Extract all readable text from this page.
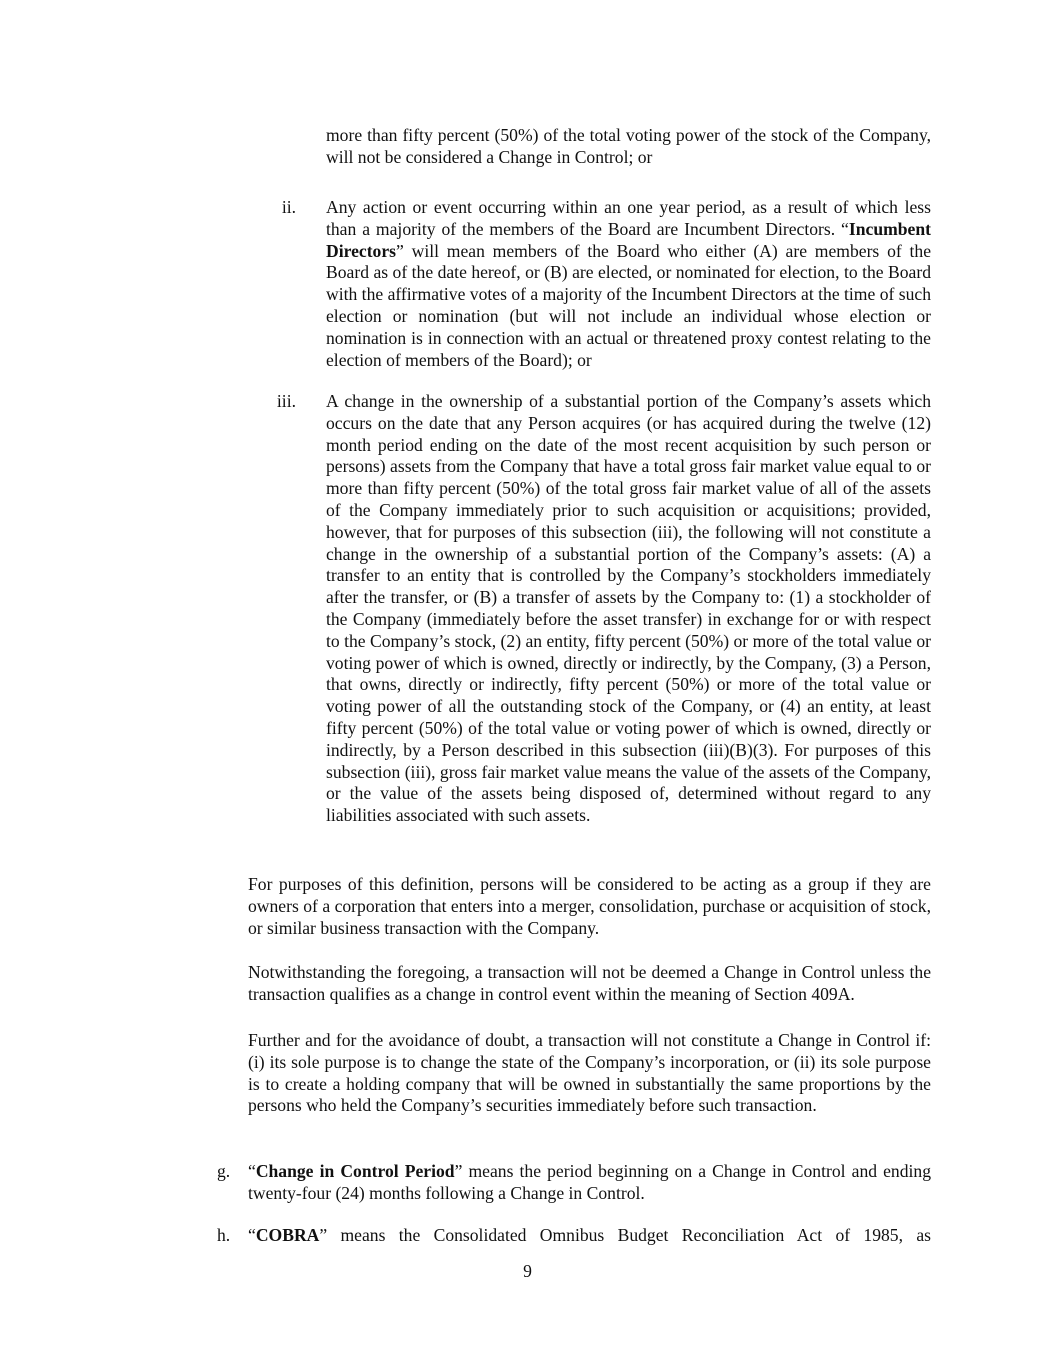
more than fifty percent (50%) of the total voting power of the stock of the Company, will not be considered a Change in Control; or

ii. Any action or event occurring within an one year period, as a result of which less than a majority of the members of the Board are Incumbent Directors. “Incumbent Directors” will mean members of the Board who either (A) are members of the Board as of the date hereof, or (B) are elected, or nominated for election, to the Board with the affirmative votes of a majority of the Incumbent Directors at the time of such election or nomination (but will not include an individual whose election or nomination is in connection with an actual or threatened proxy contest relating to the election of members of the Board); or

iii. A change in the ownership of a substantial portion of the Company’s assets which occurs on the date that any Person acquires (or has acquired during the twelve (12) month period ending on the date of the most recent acquisition by such person or persons) assets from the Company that have a total gross fair market value equal to or more than fifty percent (50%) of the total gross fair market value of all of the assets of the Company immediately prior to such acquisition or acquisitions; provided, however, that for purposes of this subsection (iii), the following will not constitute a change in the ownership of a substantial portion of the Company’s assets: (A) a transfer to an entity that is controlled by the Company’s stockholders immediately after the transfer, or (B) a transfer of assets by the Company to: (1) a stockholder of the Company (immediately before the asset transfer) in exchange for or with respect to the Company’s stock, (2) an entity, fifty percent (50%) or more of the total value or voting power of which is owned, directly or indirectly, by the Company, (3) a Person, that owns, directly or indirectly, fifty percent (50%) or more of the total value or voting power of all the outstanding stock of the Company, or (4) an entity, at least fifty percent (50%) of the total value or voting power of which is owned, directly or indirectly, by a Person described in this subsection (iii)(B)(3). For purposes of this subsection (iii), gross fair market value means the value of the assets of the Company, or the value of the assets being disposed of, determined without regard to any liabilities associated with such assets.

For purposes of this definition, persons will be considered to be acting as a group if they are owners of a corporation that enters into a merger, consolidation, purchase or acquisition of stock, or similar business transaction with the Company.

Notwithstanding the foregoing, a transaction will not be deemed a Change in Control unless the transaction qualifies as a change in control event within the meaning of Section 409A.

Further and for the avoidance of doubt, a transaction will not constitute a Change in Control if: (i) its sole purpose is to change the state of the Company’s incorporation, or (ii) its sole purpose is to create a holding company that will be owned in substantially the same proportions by the persons who held the Company’s securities immediately before such transaction.

g. “Change in Control Period” means the period beginning on a Change in Control and ending twenty-four (24) months following a Change in Control.

h. “COBRA” means the Consolidated Omnibus Budget Reconciliation Act of 1985, as

9
